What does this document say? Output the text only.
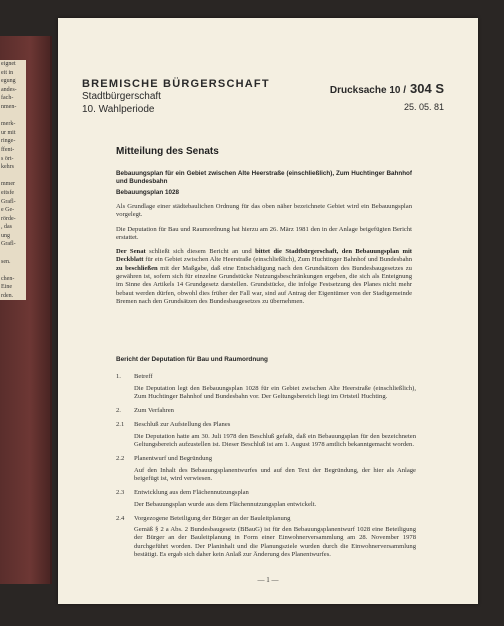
eignet
eit in
egung
andes-
fach-
nmen-

merk-
ur mit
ringe-
ffent-
s ört-
kehrs

mmer
eitsfe
Grafl-
e Ge-
rörde-
, das
ung
Grafl-

sen.

chen-
Eine
rden.
BREMISCHE BÜRGERSCHAFT
Stadtbürgerschaft
10. Wahlperiode
Drucksache 10 / 304 S
25. 05. 81
Mitteilung des Senats

Bebauungsplan für ein Gebiet zwischen Alte Heerstraße (einschließlich), Zum Huchtinger Bahnhof und Bundesbahn

Bebauungsplan 1028

Als Grundlage einer städtebaulichen Ordnung für das oben näher bezeichnete Gebiet wird ein Bebauungsplan vorgelegt.

Die Deputation für Bau und Raumordnung hat hierzu am 26. März 1981 den in der Anlage beigefügten Bericht erstattet.

Der Senat schließt sich diesem Bericht an und bittet die Stadtbürgerschaft, den Bebauungsplan mit Deckblatt für ein Gebiet zwischen Alte Heerstraße (einschließlich), Zum Huchtinger Bahnhof und Bundesbahn zu beschließen mit der Maßgabe, daß eine Entschädigung nach den Grundsätzen des Bundesbaugesetzes zu gewähren ist, sofern sich für einzelne Grundstücke Nutzungsbeschränkungen ergeben, die sich als Enteignung im Sinne des Artikels 14 Grundgesetz darstellen. Grundstücke, die infolge Festsetzung des Planes nicht mehr bebaut werden dürfen, obwohl dies früher der Fall war, sind auf Antrag der Eigentümer von der Stadtgemeinde Bremen nach den Grundsätzen des Bundesbaugesetzes zu übernehmen.

Bericht der Deputation für Bau und Raumordnung
1. Betreff

Die Deputation legt den Bebauungsplan 1028 für ein Gebiet zwischen Alte Heerstraße (einschließlich), Zum Huchtinger Bahnhof und Bundesbahn vor. Der Geltungsbereich liegt im Ortsteil Huchting.

2. Zum Verfahren

2.1 Beschluß zur Aufstellung des Planes

Die Deputation hatte am 30. Juli 1978 den Beschluß gefaßt, daß ein Bebauungsplan für den bezeichneten Geltungsbereich aufzustellen ist. Dieser Beschluß ist am 1. August 1978 amtlich bekanntgemacht worden.

2.2 Planentwurf und Begründung

Auf den Inhalt des Bebauungsplanentwurfes und auf den Text der Begründung, der hier als Anlage beigefügt ist, wird verwiesen.

2.3 Entwicklung aus dem Flächennutzungsplan

Der Bebauungsplan wurde aus dem Flächennutzungsplan entwickelt.

2.4 Vorgezogene Beteiligung der Bürger an der Bauleitplanung

Gemäß § 2 a Abs. 2 Bundesbaugesetz (BBauG) ist für den Bebauungsplanentwurf 1028 eine Beteiligung der Bürger an der Bauleitplanung in Form einer Einwohnerversammlung am 28. November 1978 durchgeführt worden. Der Planinhalt und die Planungsziele wurden durch die Einwohnerversammlung bestätigt. Es ergab sich daher kein Anlaß zur Änderung des Planentwurfes.

— 1 —
